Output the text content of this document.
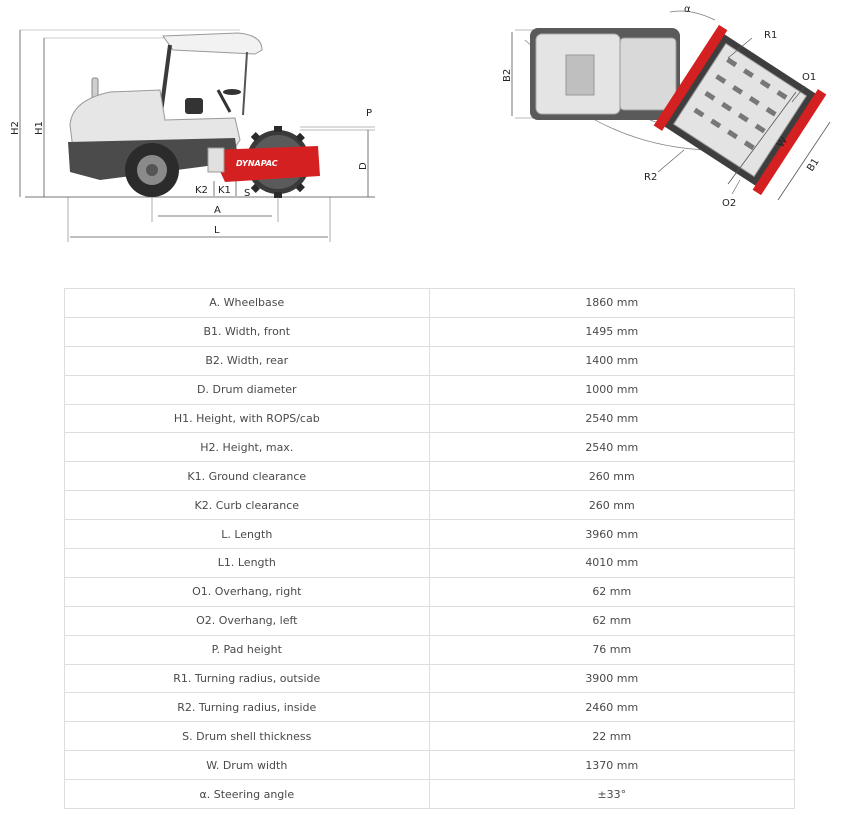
H2 H1
DYNAPAC
P
D
K2 K1 S
A
L
B2
α
R1
O1
W
B1
R2
O2
A. Wheelbase	1860 mm
B1. Width, front	1495 mm
B2. Width, rear	1400 mm
D. Drum diameter	1000 mm
H1. Height, with ROPS/cab	2540 mm
H2. Height, max.	2540 mm
K1. Ground clearance	260 mm
K2. Curb clearance	260 mm
L. Length	3960 mm
L1. Length	4010 mm
O1. Overhang, right	62 mm
O2. Overhang, left	62 mm
P. Pad height	76 mm
R1. Turning radius, outside	3900 mm
R2. Turning radius, inside	2460 mm
S. Drum shell thickness	22 mm
W. Drum width	1370 mm
α. Steering angle	±33°
